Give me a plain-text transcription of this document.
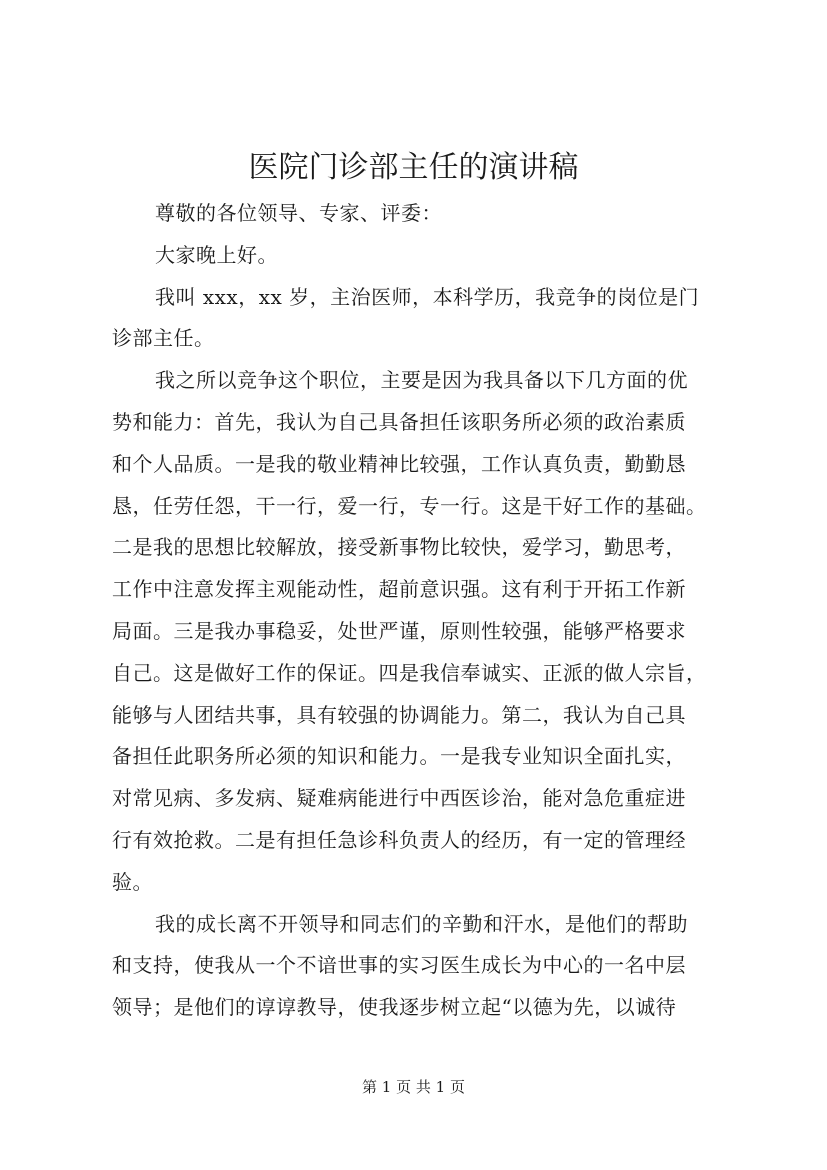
医院门诊部主任的演讲稿
尊敬的各位领导、专家、评委：
大家晚上好。
我叫 xxx，xx 岁，主治医师，本科学历，我竞争的岗位是门
诊部主任。
我之所以竞争这个职位，主要是因为我具备以下几方面的优
势和能力：首先，我认为自己具备担任该职务所必须的政治素质
和个人品质。一是我的敬业精神比较强，工作认真负责，勤勤恳
恳，任劳任怨，干一行，爱一行，专一行。这是干好工作的基础。
二是我的思想比较解放，接受新事物比较快，爱学习，勤思考，
工作中注意发挥主观能动性，超前意识强。这有利于开拓工作新
局面。三是我办事稳妥，处世严谨，原则性较强，能够严格要求
自己。这是做好工作的保证。四是我信奉诚实、正派的做人宗旨，
能够与人团结共事，具有较强的协调能力。第二，我认为自己具
备担任此职务所必须的知识和能力。一是我专业知识全面扎实，
对常见病、多发病、疑难病能进行中西医诊治，能对急危重症进
行有效抢救。二是有担任急诊科负责人的经历，有一定的管理经
验。
我的成长离不开领导和同志们的辛勤和汗水，是他们的帮助
和支持，使我从一个不谙世事的实习医生成长为中心的一名中层
领导；是他们的谆谆教导，使我逐步树立起“以德为先，以诚待
第 1 页 共 1 页
